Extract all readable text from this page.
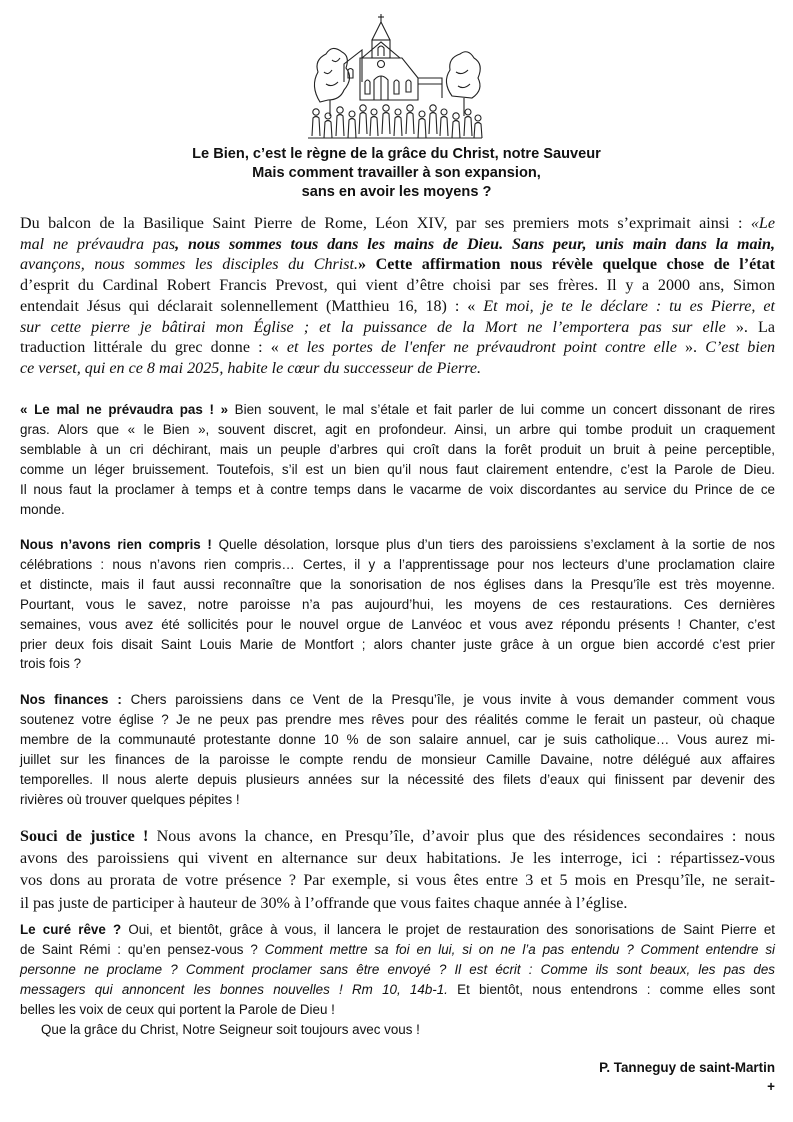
Le Bien, c’est le règne de la grâce du Christ, notre Sauveur
Mais comment travailler à son expansion,
sans en avoir les moyens ?
Du balcon de la Basilique Saint Pierre de Rome, Léon XIV, par ses premiers mots s’exprimait ainsi : «Le
mal ne prévaudra pas, nous sommes tous dans les mains de Dieu. Sans peur, unis main dans la main,
avançons, nous sommes les disciples du Christ.» Cette affirmation nous révèle quelque chose de l’état
d’esprit du Cardinal Robert Francis Prevost, qui vient d’être choisi par ses frères. Il y a 2000 ans, Simon
entendait Jésus qui déclarait solennellement (Matthieu 16, 18) : « Et moi, je te le déclare : tu es Pierre, et
sur cette pierre je bâtirai mon Église ; et la puissance de la Mort ne l’emportera pas sur elle ». La
traduction littérale du grec donne : « et les portes de l'enfer ne prévaudront point contre elle ». C’est bien
ce verset, qui en ce 8 mai 2025, habite le cœur du successeur de Pierre.
« Le mal ne prévaudra pas ! » Bien souvent, le mal s’étale et fait parler de lui comme un concert dissonant de rires
gras. Alors que « le Bien », souvent discret, agit en profondeur. Ainsi, un arbre qui tombe produit un craquement
semblable à un cri déchirant, mais un peuple d’arbres qui croît dans la forêt produit un bruit à peine perceptible,
comme un léger bruissement. Toutefois, s’il est un bien qu’il nous faut clairement entendre, c’est la Parole de Dieu.
Il nous faut la proclamer à temps et à contre temps dans le vacarme de voix discordantes au service du Prince de ce
monde.
Nous n’avons rien compris ! Quelle désolation, lorsque plus d’un tiers des paroissiens s’exclament à la sortie de nos
célébrations : nous n’avons rien compris… Certes, il y a l’apprentissage pour nos lecteurs d’une proclamation claire
et distincte, mais il faut aussi reconnaître que la sonorisation de nos églises dans la Presqu’île est très moyenne.
Pourtant, vous le savez, notre paroisse n’a pas aujourd’hui, les moyens de ces restaurations. Ces dernières
semaines, vous avez été sollicités pour le nouvel orgue de Lanvéoc et vous avez répondu présents ! Chanter, c’est
prier deux fois disait Saint Louis Marie de Montfort ; alors chanter juste grâce à un orgue bien accordé c’est prier
trois fois ?
Nos finances : Chers paroissiens dans ce Vent de la Presqu’île, je vous invite à vous demander comment vous
soutenez votre église ? Je ne peux pas prendre mes rêves pour des réalités comme le ferait un pasteur, où chaque
membre de la communauté protestante donne 10 % de son salaire annuel, car je suis catholique… Vous aurez mi-
juillet sur les finances de la paroisse le compte rendu de monsieur Camille Davaine, notre délégué aux affaires
temporelles. Il nous alerte depuis plusieurs années sur la nécessité des filets d’eaux qui finissent par devenir des
rivières où trouver quelques pépites !
Souci de justice ! Nous avons la chance, en Presqu’île, d’avoir plus que des résidences secondaires : nous
avons des paroissiens qui vivent en alternance sur deux habitations. Je les interroge, ici : répartissez-vous
vos dons au prorata de votre présence ? Par exemple, si vous êtes entre 3 et 5 mois en Presqu’île, ne serait-
il pas juste de participer à hauteur de 30% à l’offrande que vous faites chaque année à l’église.
Le curé rêve ? Oui, et bientôt, grâce à vous, il lancera le projet de restauration des sonorisations de Saint Pierre et
de Saint Rémi : qu’en pensez-vous ? Comment mettre sa foi en lui, si on ne l’a pas entendu ? Comment entendre si
personne ne proclame ? Comment proclamer sans être envoyé ? Il est écrit : Comme ils sont beaux, les pas des
messagers qui annoncent les bonnes nouvelles ! Rm 10, 14b-1. Et bientôt, nous entendrons : comme elles sont
belles les voix de ceux qui portent la Parole de Dieu !
Que la grâce du Christ, Notre Seigneur soit toujours avec vous !
P. Tanneguy de saint-Martin
+
